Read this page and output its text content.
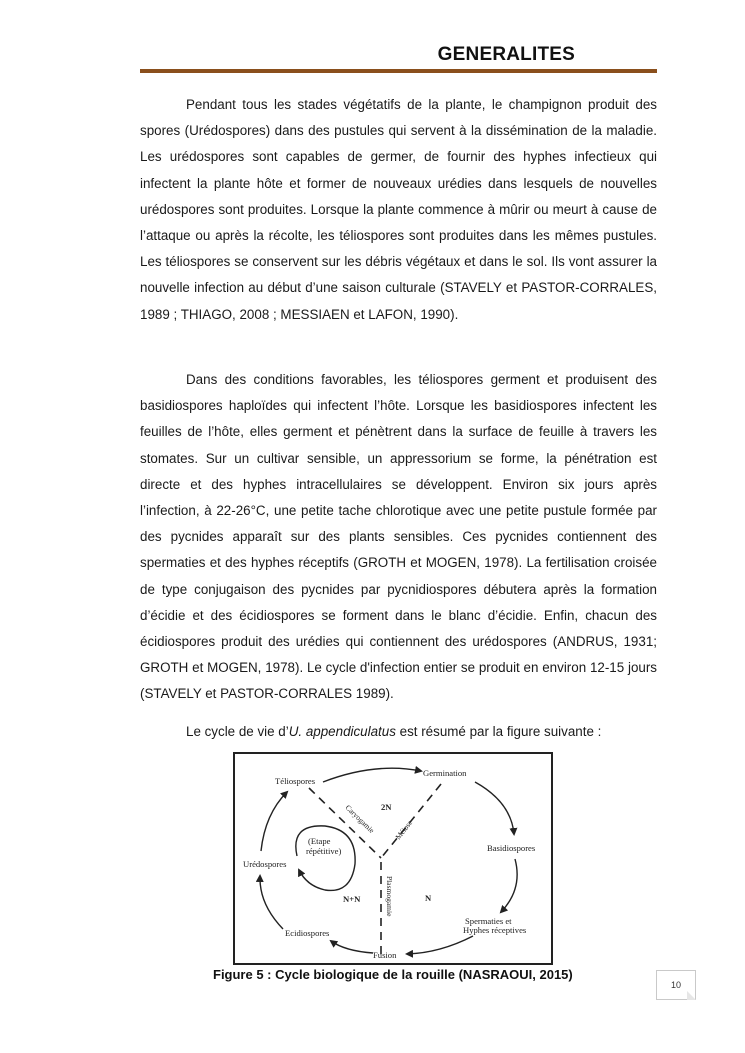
GENERALITES

Pendant tous les stades végétatifs de la plante, le champignon produit des spores (Urédospores) dans des pustules qui servent à la dissémination de la maladie. Les urédospores sont capables de germer, de fournir des hyphes infectieux qui infectent la plante hôte et former de nouveaux urédies dans lesquels de nouvelles urédospores sont produites. Lorsque la plante commence à mûrir ou meurt à cause de l’attaque ou après la récolte, les téliospores sont produites dans les mêmes pustules. Les téliospores se conservent sur les débris végétaux et dans le sol. Ils vont assurer la nouvelle infection au début d’une saison culturale (STAVELY et PASTOR-CORRALES, 1989 ; THIAGO, 2008 ; MESSIAEN et LAFON, 1990).

Dans des conditions favorables, les téliospores germent et produisent des basidiospores haploïdes qui infectent l’hôte. Lorsque les basidiospores infectent les feuilles de l’hôte, elles germent et pénètrent dans la surface de feuille à travers les stomates. Sur un cultivar sensible, un appressorium se forme, la pénétration est directe et des hyphes intracellulaires se développent. Environ six jours après l’infection, à 22-26°C, une petite tache chlorotique avec une petite pustule formée par des pycnides apparaît sur des plants sensibles. Ces pycnides contiennent des spermaties et des hyphes réceptifs (GROTH et MOGEN, 1978). La fertilisation croisée de type conjugaison des pycnides par pycnidiospores débutera après la formation d’écidie et des écidiospores se forment dans le blanc d’écidie. Enfin, chacun des écidiospores produit des urédies qui contiennent des urédospores (ANDRUS, 1931; GROTH et MOGEN, 1978). Le cycle d'infection entier se produit en environ 12-15 jours (STAVELY et PASTOR-CORRALES 1989).

Le cycle de vie d’U. appendiculatus est résumé par la figure suivante :
Téliospores
Germination
Basidiospores
Spermaties et
Hyphes réceptives
Fusion
Ecidiospores
Urédospores
(Etape
répétitive)
2N
N
N+N
Caryogamie Méiose
Plasmogamie
Figure 5 : Cycle biologique de la rouille (NASRAOUI, 2015)
10
